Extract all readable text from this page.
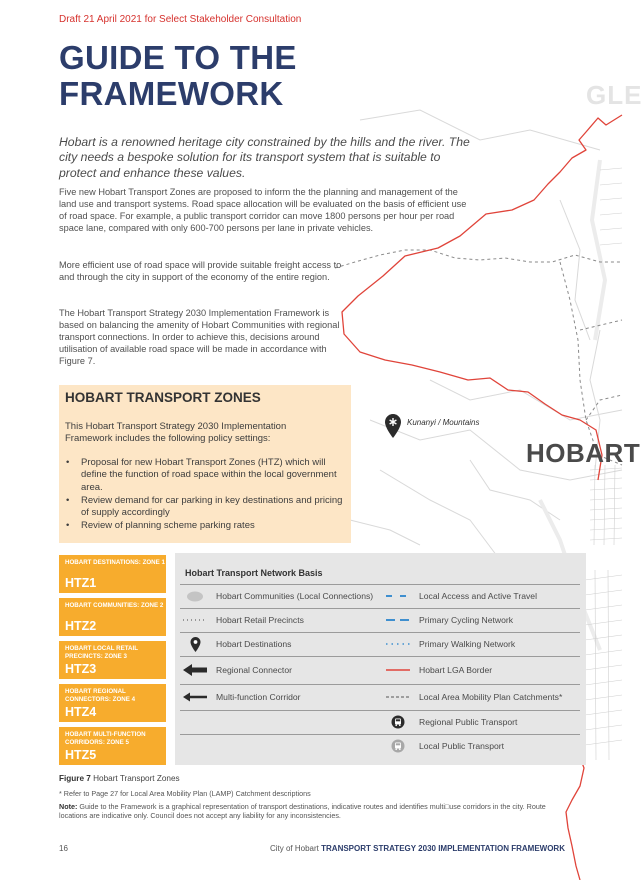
GLE
HOBART
Kunanyi / Mountains
Draft 21 April 2021 for Select Stakeholder Consultation
GUIDE TO THE
FRAMEWORK

Hobart is a renowned heritage city constrained by the hills and the river. The city needs a bespoke solution for its transport system that is suitable to protect and enhance these values.

Five new Hobart Transport Zones are proposed to inform the the planning and management of the land use and transport systems. Road space allocation will be evaluated on the basis of efficient use of road space. For example, a public transport corridor can move 1800 persons per hour per road space lane, compared with only 600-700 persons per lane in private vehicles.

More efficient use of road space will provide suitable freight access to and through the city in support of the economy of the entire region.

The Hobart Transport Strategy 2030 Implementation Framework is based on balancing the amenity of Hobart Communities with regional transport connections. In order to achieve this, decisions around utilisation of available road space will be made in accordance with Figure 7.

HOBART TRANSPORT ZONES
This Hobart Transport Strategy 2030 Implementation Framework includes the following policy settings:
• Proposal for new Hobart Transport Zones (HTZ) which will define the function of road space within the local government area.
• Review demand for car parking in key destinations and pricing of supply accordingly
• Review of planning scheme parking rates
HOBART DESTINATIONS: ZONE 1
HTZ1
HOBART COMMUNITIES: ZONE 2
HTZ2
HOBART LOCAL RETAIL PRECINCTS: ZONE 3
HTZ3
HOBART REGIONAL CONNECTORS: ZONE 4
HTZ4
HOBART MULTI-FUNCTION CORRIDORS: ZONE 5
HTZ5
Hobart Transport Network Basis
Hobart Communities (Local Connections)
Hobart Retail Precincts
Hobart Destinations
Regional Connector
Multi-function Corridor
Local Access and Active Travel
Primary Cycling Network
Primary Walking Network
Hobart LGA Border
Local Area Mobility Plan Catchments*
Regional Public Transport
Local Public Transport
Figure 7 Hobart Transport Zones
* Refer to Page 27 for Local Area Mobility Plan (LAMP) Catchment descriptions
Note: Guide to the Framework is a graphical representation of transport destinations, indicative routes and identifies multi□use corridors in the city. Route locations are indicative only. Council does not accept any liability for any inconsistencies.
16	City of Hobart TRANSPORT STRATEGY 2030 IMPLEMENTATION FRAMEWORK
